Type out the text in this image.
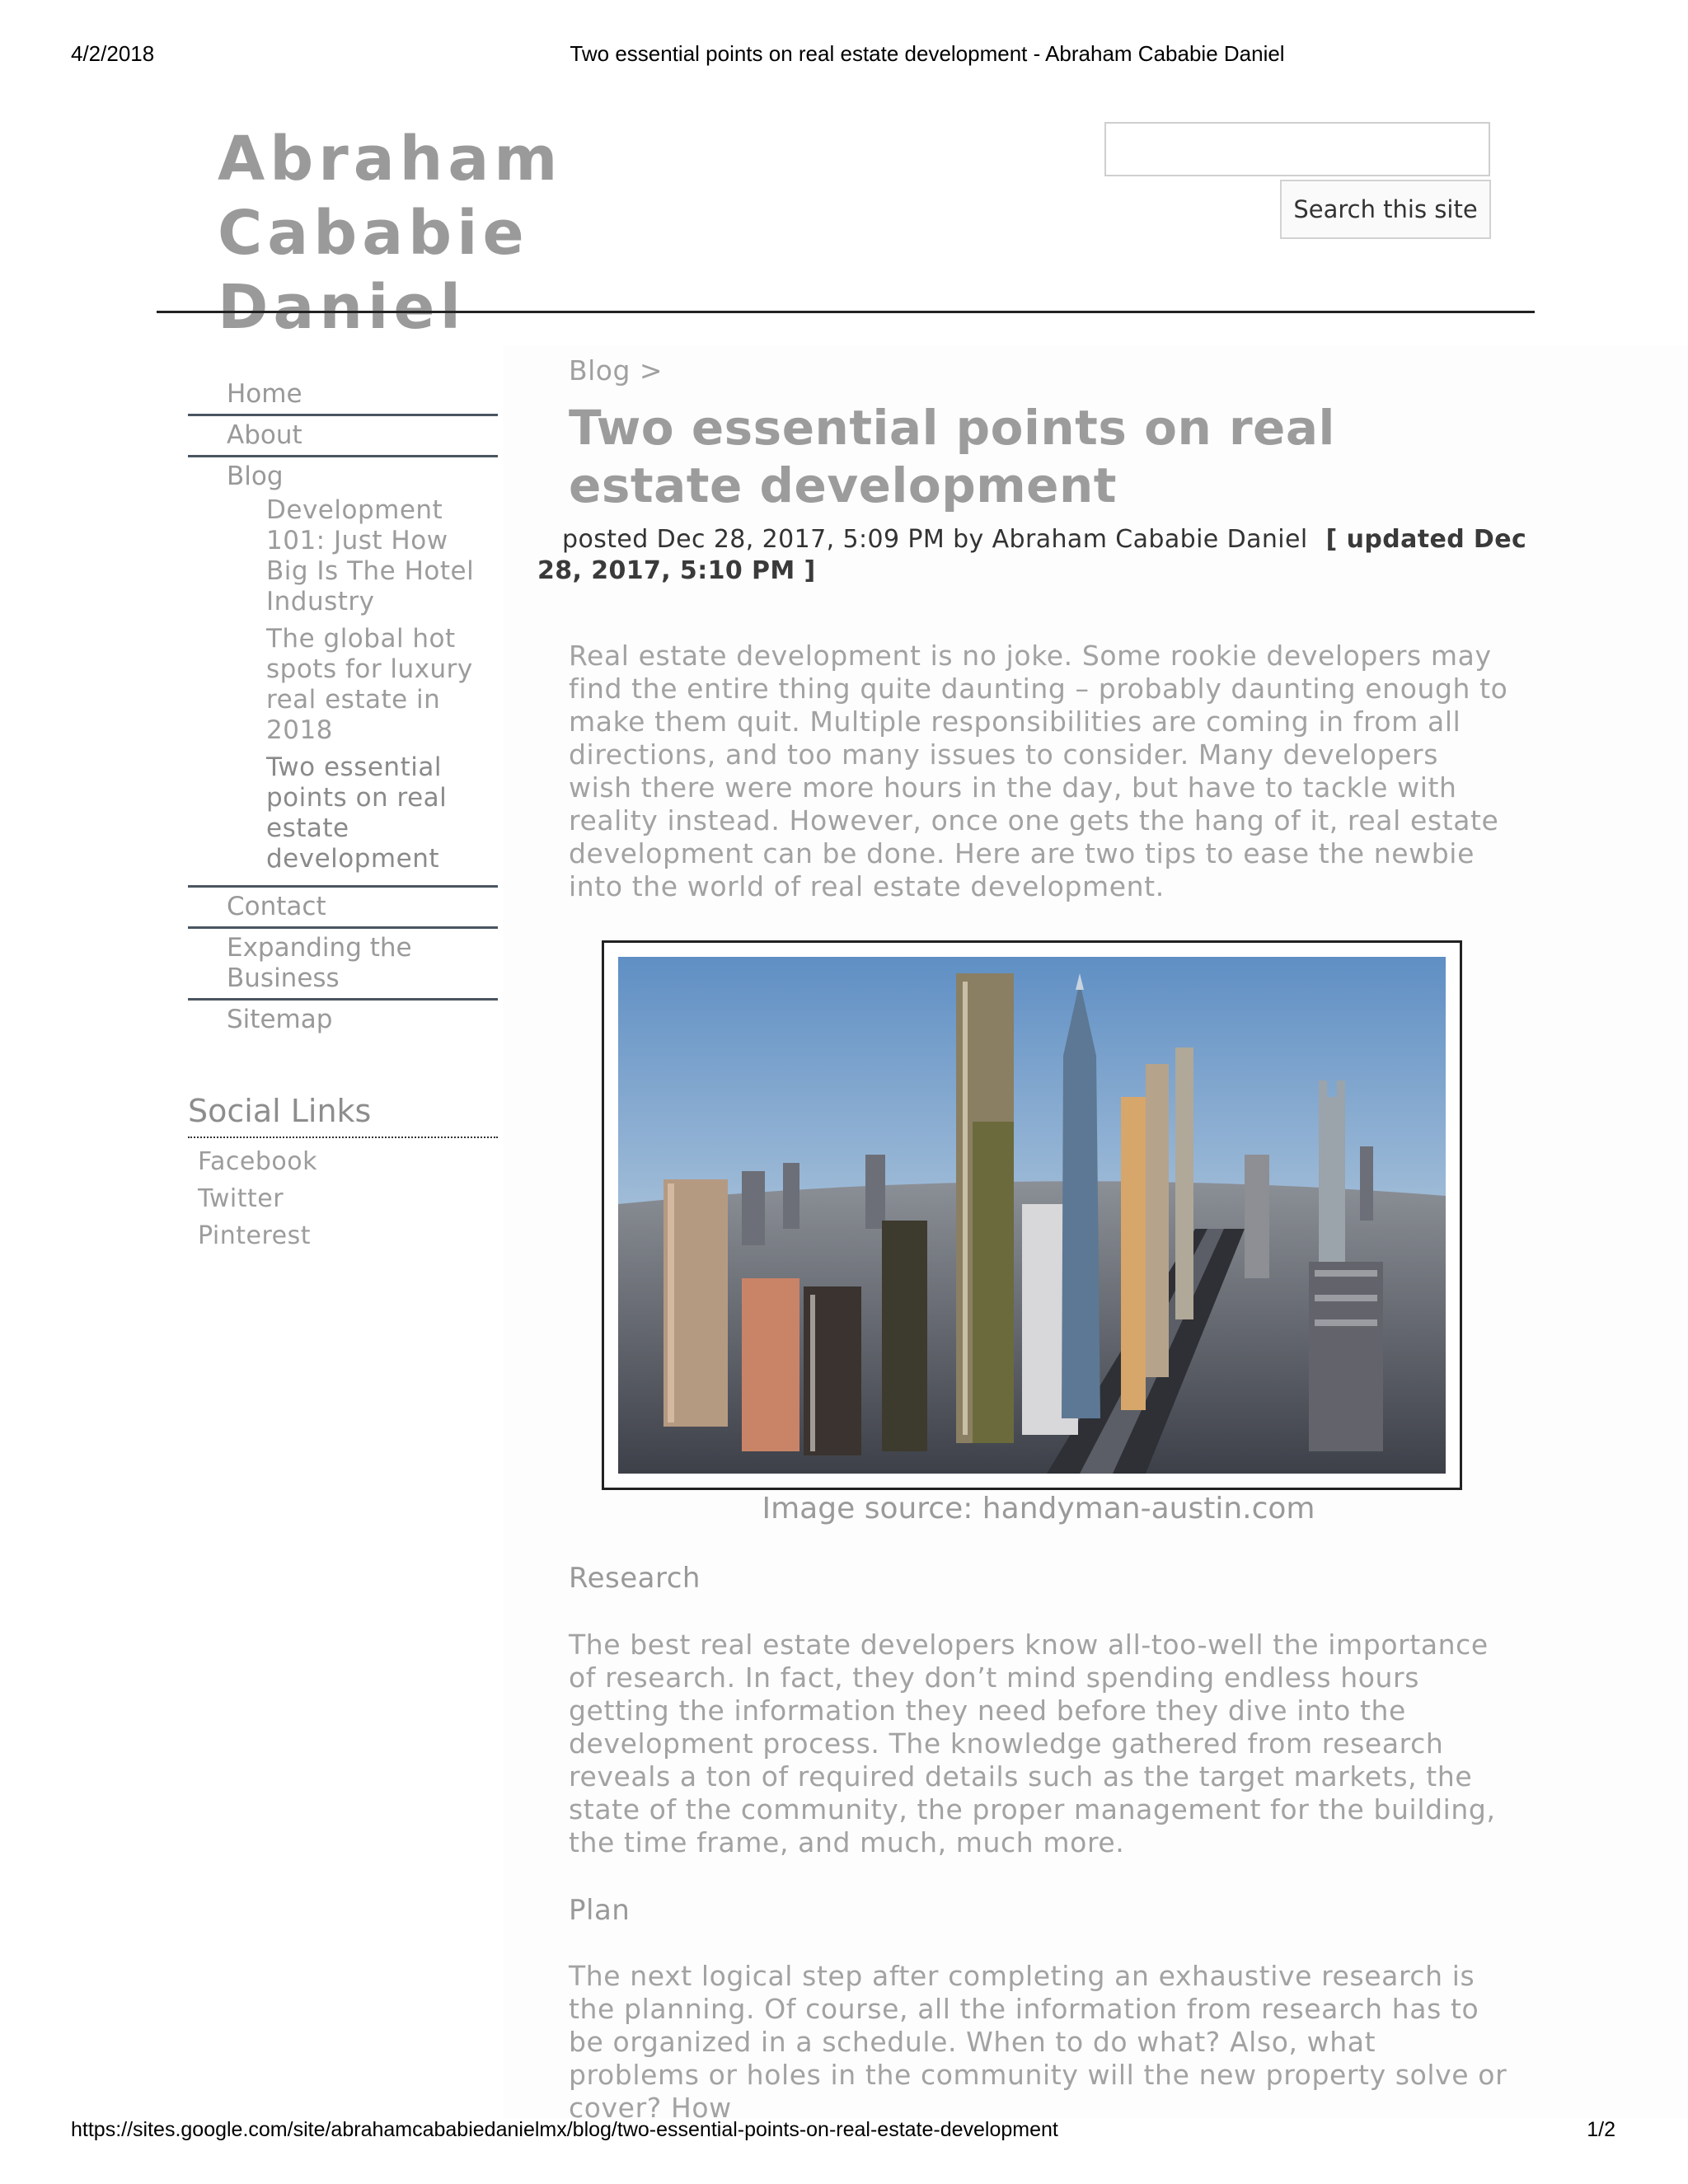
4/2/2018	Two essential points on real estate development - Abraham Cababie Daniel
Abraham Cababie
Daniel
Search this site
Home
About
Blog
Development 101: Just How Big Is The Hotel Industry
The global hot spots for luxury real estate in 2018
Two essential points on real estate development
Contact
Expanding the Business
Sitemap
Social Links
Facebook
Twitter
Pinterest
Blog >
Two essential points on real estate development
posted Dec 28, 2017, 5:09 PM by Abraham Cababie Daniel [ updated Dec 28, 2017, 5:10 PM ]

Real estate development is no joke. Some rookie developers may find the entire thing quite daunting – probably daunting enough to make them quit. Multiple responsibilities are coming in from all directions, and too many issues to consider. Many developers wish there were more hours in the day, but have to tackle with reality instead. However, once one gets the hang of it, real estate development can be done. Here are two tips to ease the newbie into the world of real estate development.

Image source: handyman-austin.com
Research

The best real estate developers know all-too-well the importance of research. In fact, they don’t mind spending endless hours getting the information they need before they dive into the development process. The knowledge gathered from research reveals a ton of required details such as the target markets, the state of the community, the proper management for the building, the time frame, and much, much more.

Plan

The next logical step after completing an exhaustive research is the planning. Of course, all the information from research has to be organized in a schedule. When to do what? Also, what problems or holes in the community will the new property solve or cover? How

https://sites.google.com/site/abrahamcababiedanielmx/blog/two-essential-points-on-real-estate-development	1/2
